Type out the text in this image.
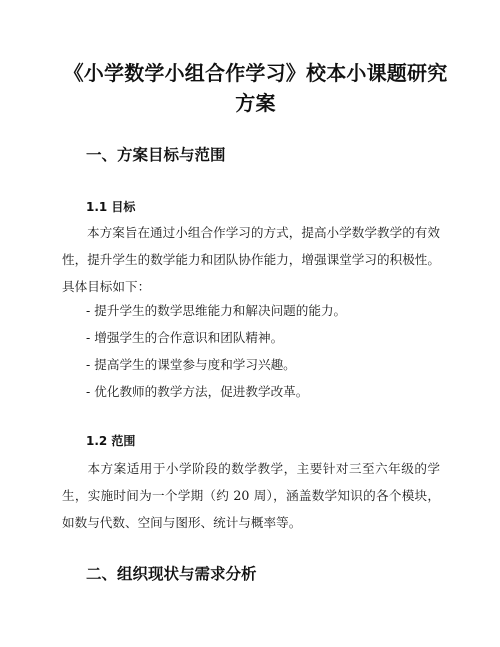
《小学数学小组合作学习》校本小课题研究方案
一、方案目标与范围
1.1 目标
本方案旨在通过小组合作学习的方式，提高小学数学教学的有效性，提升学生的数学能力和团队协作能力，增强课堂学习的积极性。具体目标如下：
- 提升学生的数学思维能力和解决问题的能力。
- 增强学生的合作意识和团队精神。
- 提高学生的课堂参与度和学习兴趣。
- 优化教师的教学方法，促进教学改革。
1.2 范围
本方案适用于小学阶段的数学教学，主要针对三至六年级的学生，实施时间为一个学期（约 20 周），涵盖数学知识的各个模块，如数与代数、空间与图形、统计与概率等。
二、组织现状与需求分析
